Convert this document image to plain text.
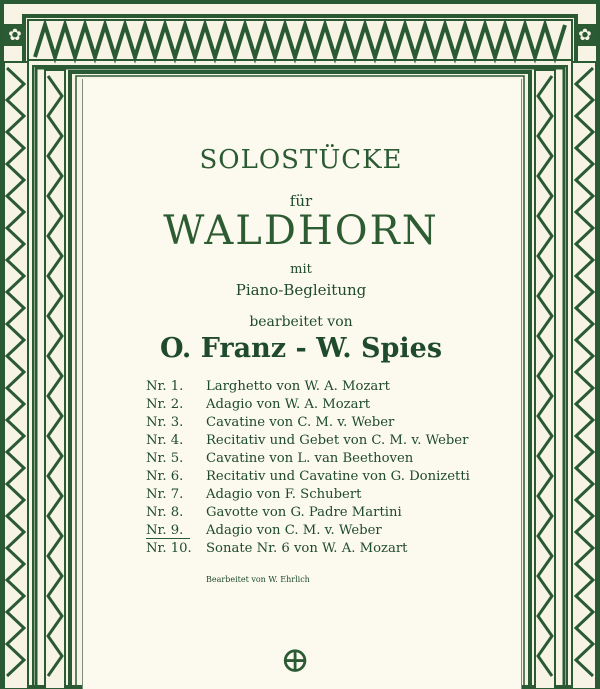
✿	✿
SOLOSTÜCKE
für
WALDHORN
mit
Piano-Begleitung
bearbeitet von
O. Franz - W. Spies
Nr. 1.	Larghetto von W. A. Mozart
Nr. 2.	Adagio von W. A. Mozart
Nr. 3.	Cavatine von C. M. v. Weber
Nr. 4.	Recitativ und Gebet von C. M. v. Weber
Nr. 5.	Cavatine von L. van Beethoven
Nr. 6.	Recitativ und Cavatine von G. Donizetti
Nr. 7.	Adagio von F. Schubert
Nr. 8.	Gavotte von G. Padre Martini
Nr. 9.	Adagio von C. M. v. Weber
Nr. 10.	Sonate Nr. 6 von W. A. Mozart
Bearbeitet von W. Ehrlich
⊕
